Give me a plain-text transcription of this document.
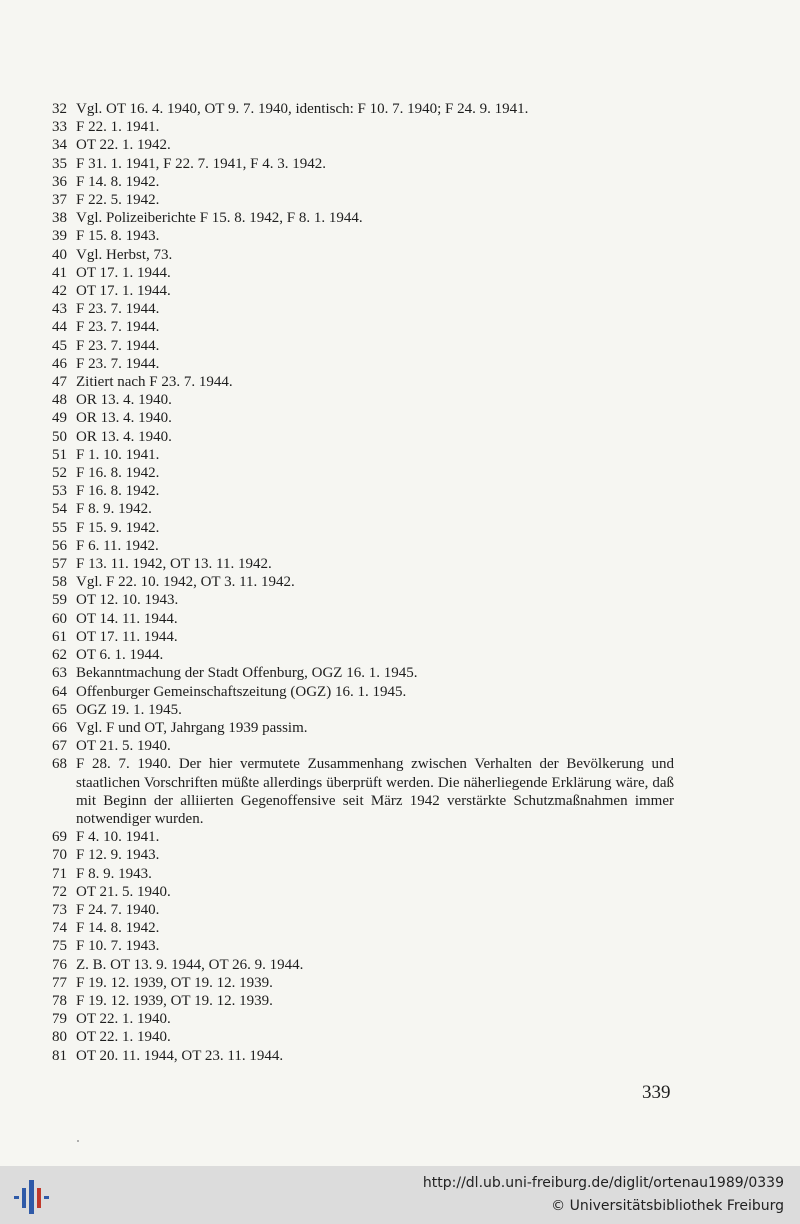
32 Vgl. OT 16. 4. 1940, OT 9. 7. 1940, identisch: F 10. 7. 1940; F 24. 9. 1941.
33 F 22. 1. 1941.
34 OT 22. 1. 1942.
35 F 31. 1. 1941, F 22. 7. 1941, F 4. 3. 1942.
36 F 14. 8. 1942.
37 F 22. 5. 1942.
38 Vgl. Polizeiberichte F 15. 8. 1942, F 8. 1. 1944.
39 F 15. 8. 1943.
40 Vgl. Herbst, 73.
41 OT 17. 1. 1944.
42 OT 17. 1. 1944.
43 F 23. 7. 1944.
44 F 23. 7. 1944.
45 F 23. 7. 1944.
46 F 23. 7. 1944.
47 Zitiert nach F 23. 7. 1944.
48 OR 13. 4. 1940.
49 OR 13. 4. 1940.
50 OR 13. 4. 1940.
51 F 1. 10. 1941.
52 F 16. 8. 1942.
53 F 16. 8. 1942.
54 F 8. 9. 1942.
55 F 15. 9. 1942.
56 F 6. 11. 1942.
57 F 13. 11. 1942, OT 13. 11. 1942.
58 Vgl. F 22. 10. 1942, OT 3. 11. 1942.
59 OT 12. 10. 1943.
60 OT 14. 11. 1944.
61 OT 17. 11. 1944.
62 OT 6. 1. 1944.
63 Bekanntmachung der Stadt Offenburg, OGZ 16. 1. 1945.
64 Offenburger Gemeinschaftszeitung (OGZ) 16. 1. 1945.
65 OGZ 19. 1. 1945.
66 Vgl. F und OT, Jahrgang 1939 passim.
67 OT 21. 5. 1940.
68 F 28. 7. 1940. Der hier vermutete Zusammenhang zwischen Verhalten der Bevölkerung und staatlichen Vorschriften müßte allerdings überprüft werden. Die näherliegende Erklärung wäre, daß mit Beginn der alliierten Gegenoffensive seit März 1942 verstärkte Schutzmaßnahmen immer notwendiger wurden.
69 F 4. 10. 1941.
70 F 12. 9. 1943.
71 F 8. 9. 1943.
72 OT 21. 5. 1940.
73 F 24. 7. 1940.
74 F 14. 8. 1942.
75 F 10. 7. 1943.
76 Z. B. OT 13. 9. 1944, OT 26. 9. 1944.
77 F 19. 12. 1939, OT 19. 12. 1939.
78 F 19. 12. 1939, OT 19. 12. 1939.
79 OT 22. 1. 1940.
80 OT 22. 1. 1940.
81 OT 20. 11. 1944, OT 23. 11. 1944.
339
http://dl.ub.uni-freiburg.de/diglit/ortenau1989/0339
© Universitätsbibliothek Freiburg
